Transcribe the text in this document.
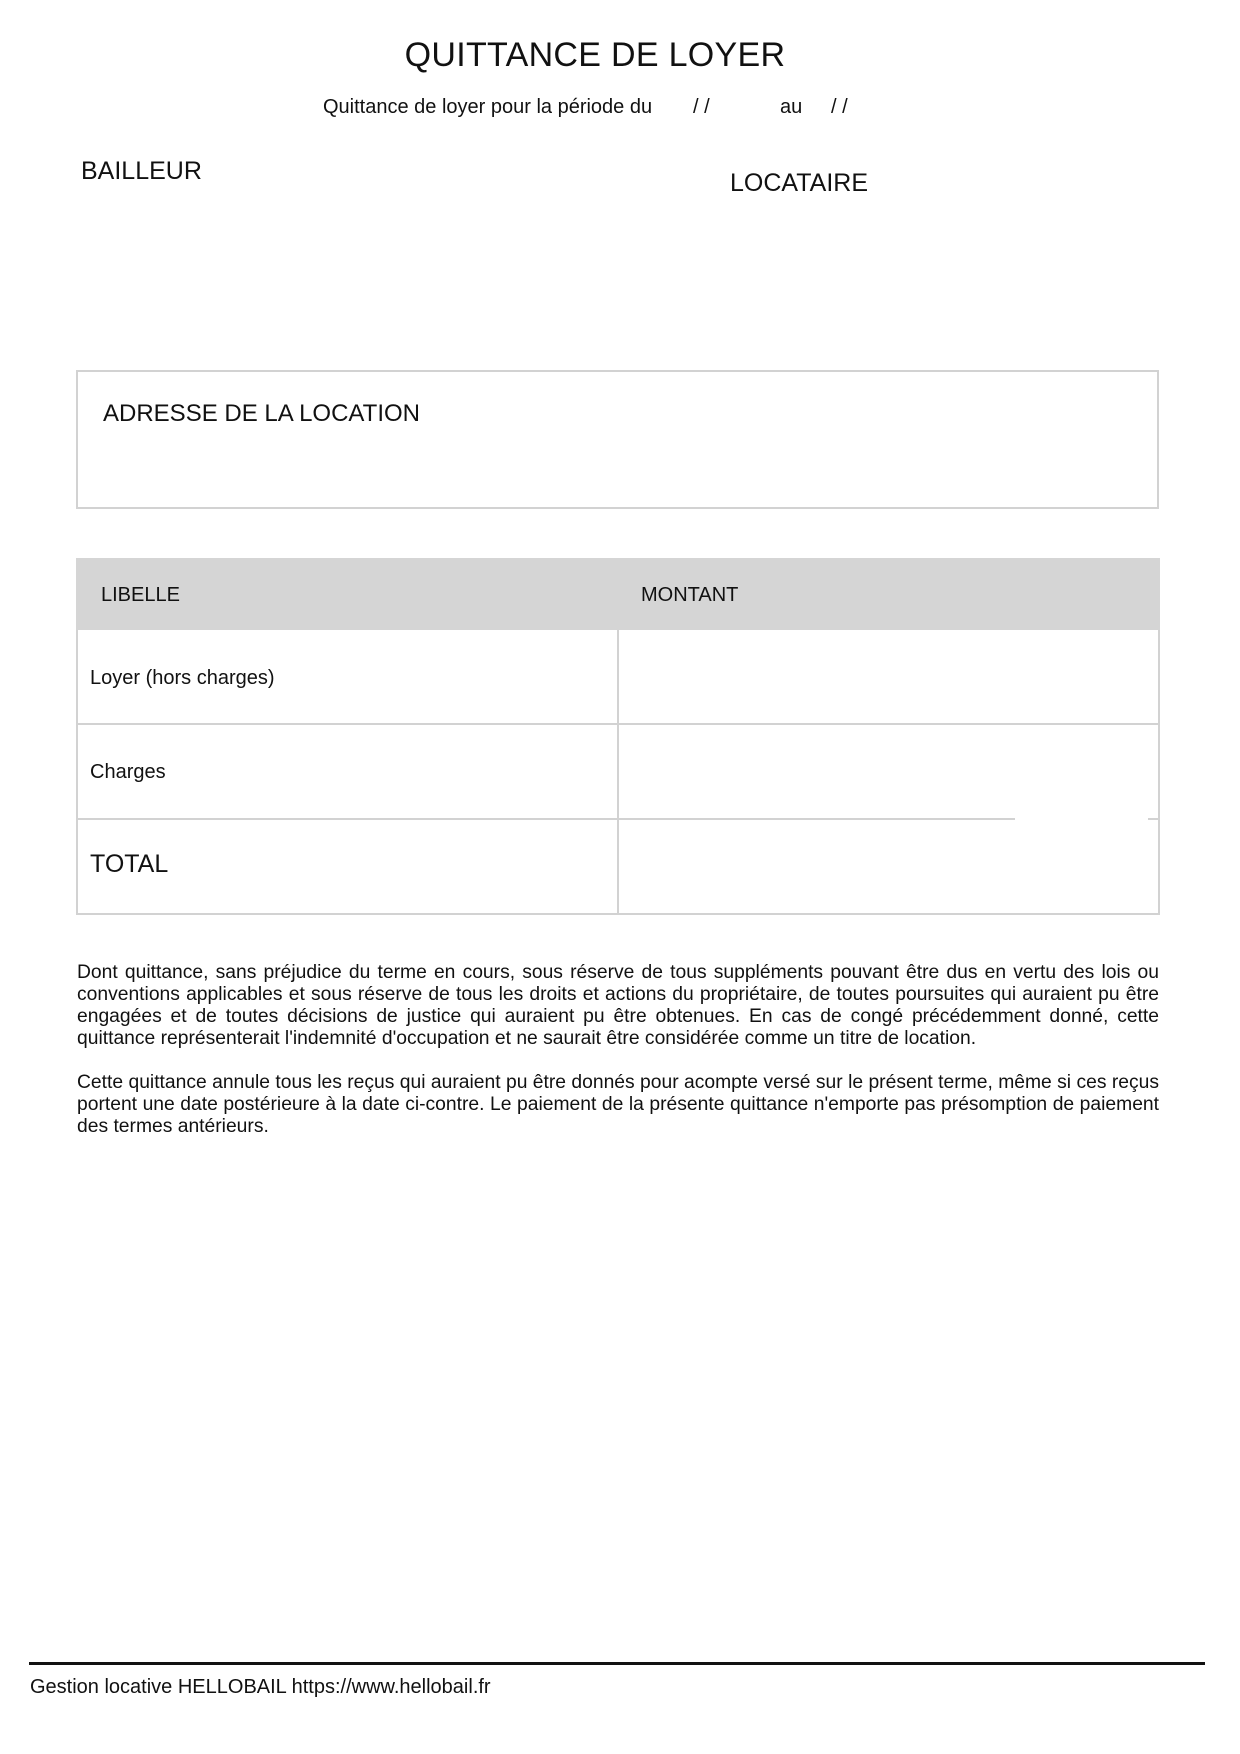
QUITTANCE DE LOYER
Quittance de loyer pour la période du / /	au / /
BAILLEUR	LOCATAIRE
ADRESSE DE LA LOCATION
LIBELLE	MONTANT
Loyer (hors charges)
Charges
TOTAL
Dont quittance, sans préjudice du terme en cours, sous réserve de tous suppléments pouvant être dus en vertu des lois ou conventions applicables et sous réserve de tous les droits et actions du propriétaire, de toutes poursuites qui auraient pu être engagées et de toutes décisions de justice qui auraient pu être obtenues. En cas de congé précédemment donné, cette quittance représenterait l'indemnité d'occupation et ne saurait être considérée comme un titre de location.
Cette quittance annule tous les reçus qui auraient pu être donnés pour acompte versé sur le présent terme, même si ces reçus portent une date postérieure à la date ci-contre. Le paiement de la présente quittance n'emporte pas présomption de paiement des termes antérieurs.
Gestion locative HELLOBAIL https://www.hellobail.fr
